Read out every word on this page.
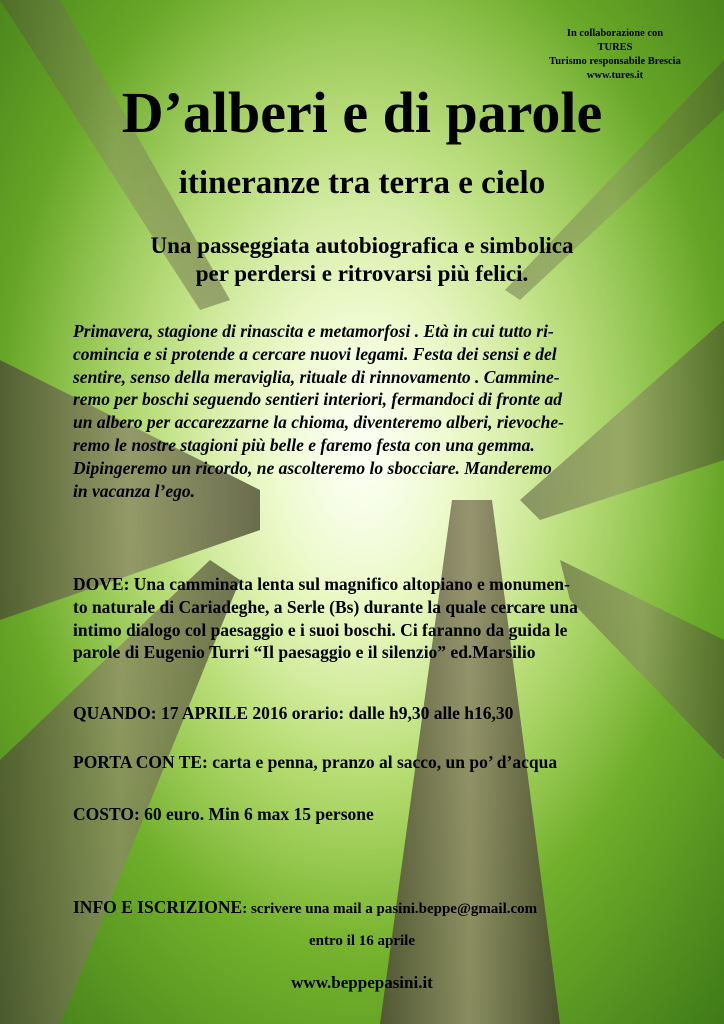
In collaborazione con
TURES
Turismo responsabile Brescia
www.tures.it
D’alberi e di parole
itineranze tra terra e cielo
Una passeggiata autobiografica e simbolica
per perdersi e ritrovarsi più felici.
Primavera, stagione di rinascita e metamorfosi . Età in cui tutto ri-
comincia e si protende a cercare nuovi legami. Festa dei sensi e del
sentire, senso della meraviglia, rituale di rinnovamento . Cammine-
remo per boschi seguendo sentieri interiori, fermandoci di fronte ad
un albero per accarezzarne la chioma, diventeremo alberi, rievoche-
remo le nostre stagioni più belle e faremo festa con una gemma.
Dipingeremo un ricordo, ne ascolteremo lo sbocciare. Manderemo
in vacanza l’ego.
DOVE: Una camminata lenta sul magnifico altopiano e monumen-
to naturale di Cariadeghe, a Serle (Bs) durante la quale cercare una
intimo dialogo col paesaggio e i suoi boschi. Ci faranno da guida le
parole di Eugenio Turri “Il paesaggio e il silenzio” ed.Marsilio
QUANDO: 17 APRILE 2016 orario: dalle h9,30 alle h16,30
PORTA CON TE: carta e penna, pranzo al sacco, un po’ d’acqua
COSTO: 60 euro. Min 6 max 15 persone
INFO E ISCRIZIONE: scrivere una mail a pasini.beppe@gmail.com
entro il 16 aprile
www.beppepasini.it
